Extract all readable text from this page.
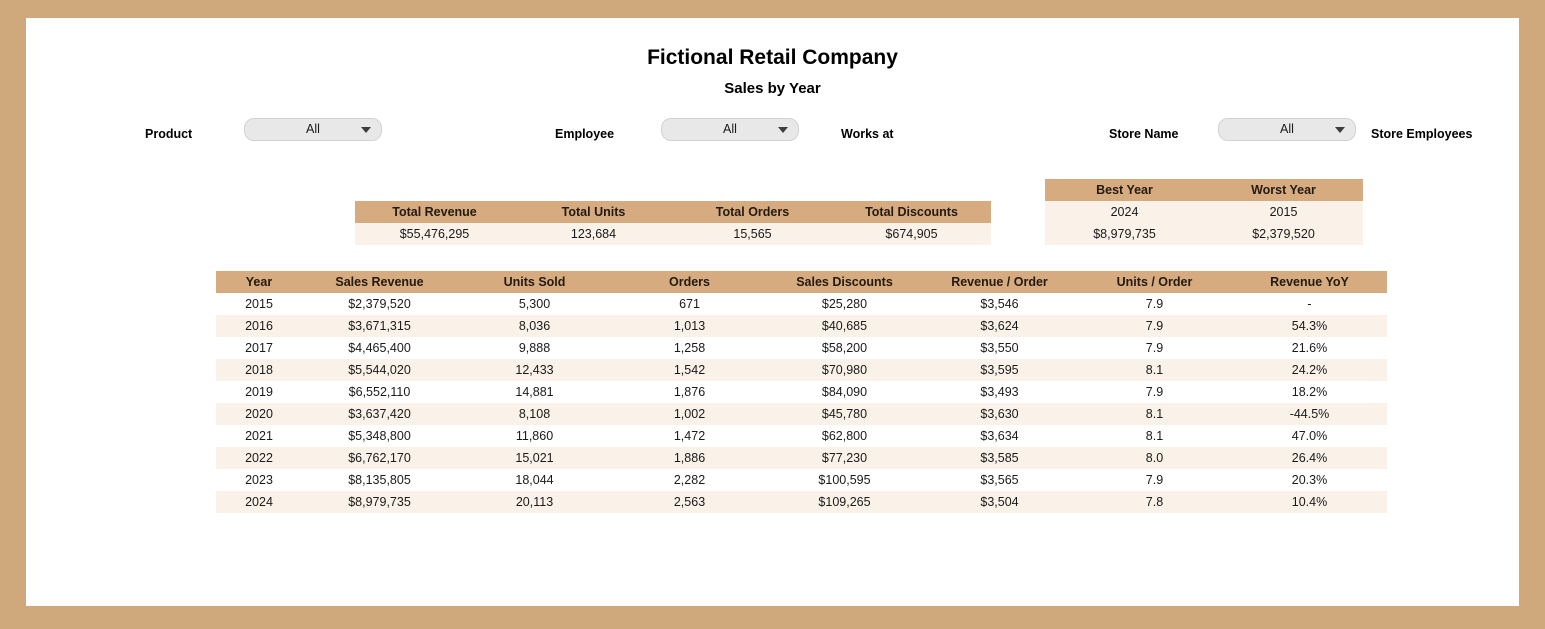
Fictional Retail Company
Sales by Year
Product	All	Employee	All	Works at	Store Name	All	Store Employees
Total Revenue	Total Units	Total Orders	Total Discounts
$55,476,295	123,684	15,565	$674,905
Best Year	Worst Year
2024	2015
$8,979,735	$2,379,520
Year	Sales Revenue	Units Sold	Orders	Sales Discounts	Revenue / Order	Units / Order	Revenue YoY
2015	$2,379,520	5,300	671	$25,280	$3,546	7.9	-
2016	$3,671,315	8,036	1,013	$40,685	$3,624	7.9	54.3%
2017	$4,465,400	9,888	1,258	$58,200	$3,550	7.9	21.6%
2018	$5,544,020	12,433	1,542	$70,980	$3,595	8.1	24.2%
2019	$6,552,110	14,881	1,876	$84,090	$3,493	7.9	18.2%
2020	$3,637,420	8,108	1,002	$45,780	$3,630	8.1	-44.5%
2021	$5,348,800	11,860	1,472	$62,800	$3,634	8.1	47.0%
2022	$6,762,170	15,021	1,886	$77,230	$3,585	8.0	26.4%
2023	$8,135,805	18,044	2,282	$100,595	$3,565	7.9	20.3%
2024	$8,979,735	20,113	2,563	$109,265	$3,504	7.8	10.4%
